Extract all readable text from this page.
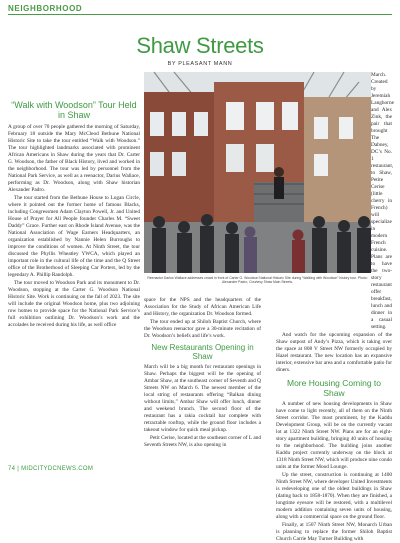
NEIGHBORHOOD
Shaw Streets

BY PLEASANT MANN

“Walk with Woodson” Tour Held in Shaw

A group of over 70 people gathered the morning of Saturday, February 18 outside the Mary McCleod Bethune National Historic Site to take the tour entitled “Walk with Woodson.” The tour highlighted landmarks associated with prominent African Americans in Shaw during the years that Dr. Carter G. Woodson, the father of Black History, lived and worked in the neighborhood. The tour was led by personnel from the National Park Service, as well as a reenactor, Darius Wallace, performing as Dr. Woodson, along with Shaw historian Alexander Padro.

The tour started from the Bethune House to Logan Circle, where it pointed out the former home of famous Blacks, including Congressmen Adam Clayton Powell, Jr. and United House of Prayer for All People founder Charles M. “Sweet Daddy” Grace. Further east on Rhode Island Avenue, was the National Association of Wage Earners Headquarters, an organization established by Nannie Helen Burroughs to improve the conditions of women. At Ninth Street, the tour discussed the Phyllis Wheatley YWCA, which played an important role in the cultural life of the time and the Q Street office of the Brotherhood of Sleeping Car Porters, led by the legendary A. Phillip Randolph.

The tour moved to Woodson Park and its monument to Dr. Woodson, stopping at the Carter G. Woodson National Historic Site. Work is continuing on the fall of 2023. The site will include the original Woodson home, plus two adjoining row homes to provide space for the National Park Service’s full exhibition outlining Dr. Woodson’s work and the accolades he received during his life, as well office

Reenactor Darius Wallace addresses crowd in front of Carter G. Woodson National Historic Site during “Walking with Woodson” history tour. Photo: Alexander Padro, Courtesy Shaw Main Streets.

space for the NPS and the headquarters of the Association for the Study of African American Life and History, the organization Dr. Woodson formed.

The tour ended up at Shiloh Baptist Church, where the Woodson reenactor gave a 30-minute recitation of Dr. Woodson’s beliefs and life’s work.

New Restaurants Opening in Shaw

March will be a big month for restaurant openings in Shaw. Perhaps the biggest will be the opening of Ambar Shaw, at the southeast corner of Seventh and Q Streets NW on March 6. The newest member of the local string of restaurants offering “Balkan dining without limits,” Ambar Shaw will offer lunch, dinner and weekend brunch. The second floor of the restaurant has a rakia cocktail bar complete with retractable rooftop, while the ground floor includes a takeout window for quick meal pickup.

Petit Cerise, located at the southeast corner of L and Seventh Streets NW, is also opening in

March. Created by Jeremiah Langhorne and Alex Zink, the pair that brought The Dabney, DC’s No. 1 restaurant, to Shaw, Petite Cerise (little cherry in French) will specialize in modern French cuisine. Plans are to have the two-story restaurant offer breakfast, lunch and dinner in a casual setting.

And watch for the upcoming expansion of the Shaw outpost of Andy’s Pizza, which is taking over the space at 808 V Street NW formerly occupied by Hazel restaurant. The new location has an expansive interior, extensive bar area and a comfortable patio for diners.

More Housing Coming to Shaw

A number of new housing developments in Shaw have come to light recently, all of them on the Ninth Street corridor. The most prominent, by the Kaddu Development Group, will be on the currently vacant lot at 1322 Ninth Street NW. Plans are for an eight-story apartment building, bringing 40 units of housing to the neighborhood. The building joins another Kaddu project currently underway on the block at 1318 Ninth Street NW, which will produce nine condo units at the former Mood Lounge.

Up the street, construction is continuing at 1400 Ninth Street NW, where developer United Investments is redeveloping one of the oldest buildings in Shaw (dating back to 1858-1870). When they are finished, a longtime eyesore will be restored, with a multilevel modern addition containing seven units of housing, along with a commercial space on the ground floor.

Finally, at 1507 Ninth Street NW, Monarch Urban is planning to replace the former Shiloh Baptist Church Carrie May Turner Building with

74 | MIDCITYDCNEWS.COM
